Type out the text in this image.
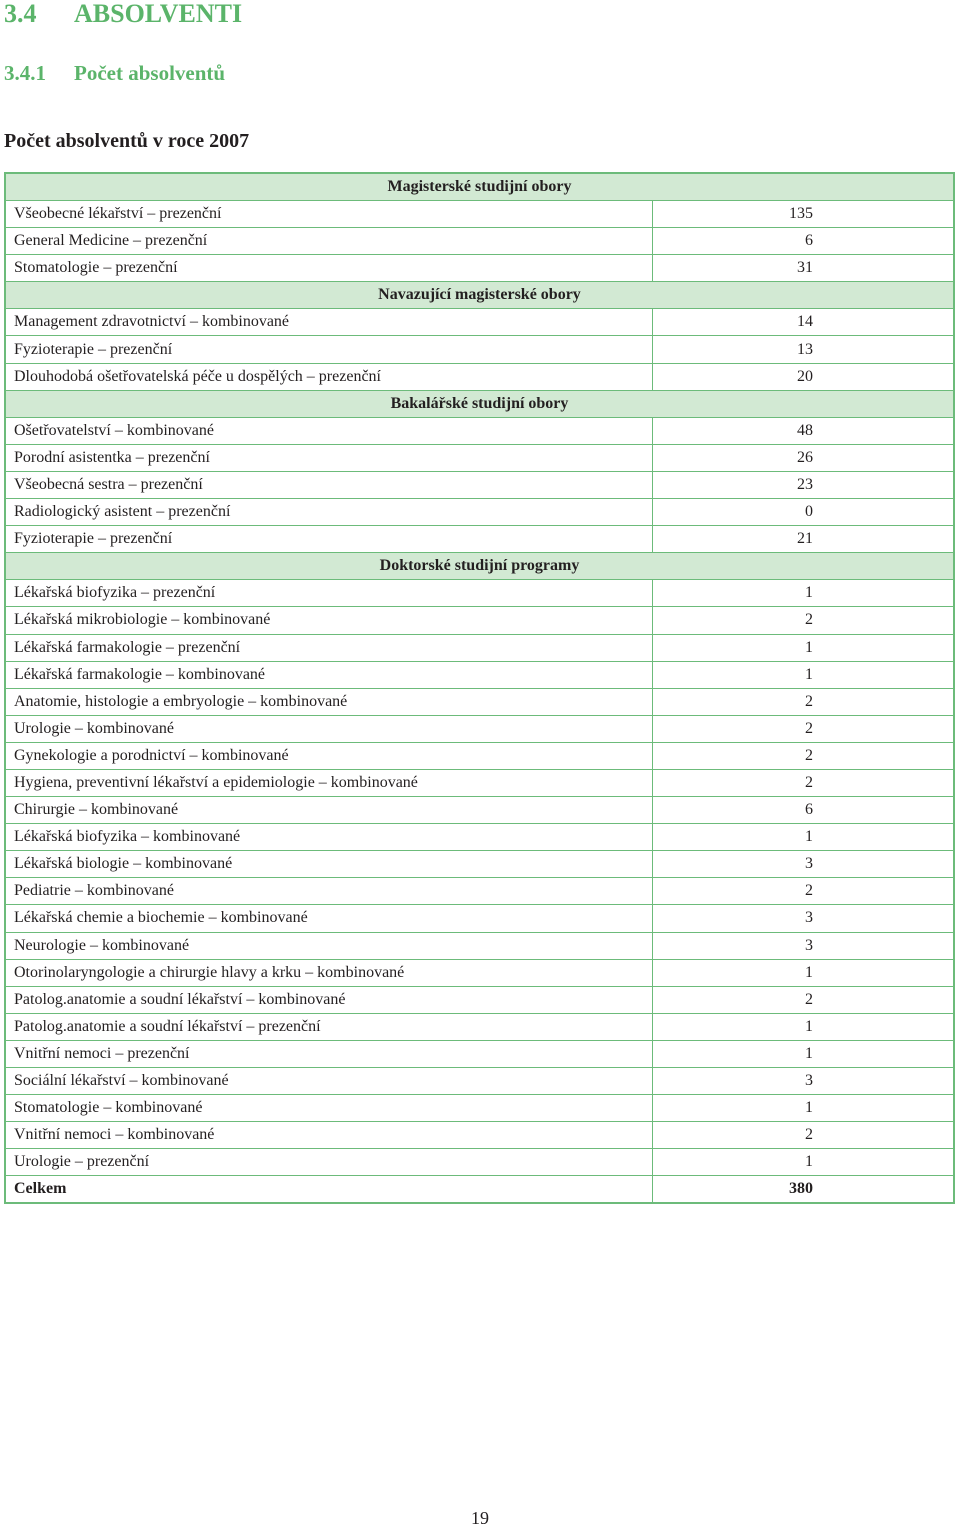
3.4 ABSOLVENTI
3.4.1 Počet absolventů
Počet absolventů v roce 2007
Magisterské studijní obory	
Všeobecné lékařství – prezenční	135
General Medicine – prezenční	6
Stomatologie – prezenční	31
Navazující magisterské obory	
Management zdravotnictví – kombinované	14
Fyzioterapie – prezenční	13
Dlouhodobá ošetřovatelská péče u dospělých – prezenční	20
Bakalářské studijní obory	
Ošetřovatelství – kombinované	48
Porodní asistentka – prezenční	26
Všeobecná sestra – prezenční	23
Radiologický asistent – prezenční	0
Fyzioterapie – prezenční	21
Doktorské studijní programy	
Lékařská biofyzika – prezenční	1
Lékařská mikrobiologie – kombinované	2
Lékařská farmakologie – prezenční	1
Lékařská farmakologie – kombinované	1
Anatomie, histologie a embryologie – kombinované	2
Urologie – kombinované	2
Gynekologie a porodnictví – kombinované	2
Hygiena, preventivní lékařství a epidemiologie – kombinované	2
Chirurgie – kombinované	6
Lékařská biofyzika – kombinované	1
Lékařská biologie – kombinované	3
Pediatrie – kombinované	2
Lékařská chemie a biochemie – kombinované	3
Neurologie – kombinované	3
Otorinolaryngologie a chirurgie hlavy a krku – kombinované	1
Patolog.anatomie a soudní lékařství – kombinované	2
Patolog.anatomie a soudní lékařství – prezenční	1
Vnitřní nemoci – prezenční	1
Sociální lékařství – kombinované	3
Stomatologie – kombinované	1
Vnitřní nemoci – kombinované	2
Urologie – prezenční	1
Celkem	380
19
